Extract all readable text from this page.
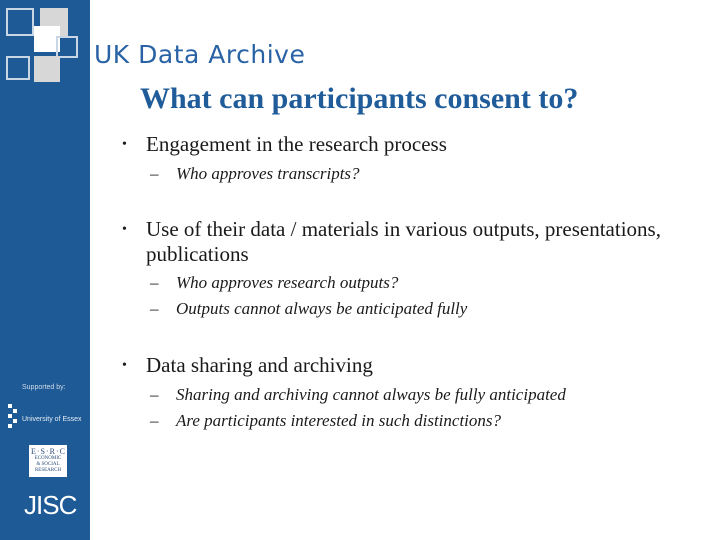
Supported by:
University of Essex
E·S·R·C
ECONOMIC
& SOCIAL
RESEARCH
JISC
UK Data Archive
What can participants consent to?
• Engagement in the research process
– Who approves transcripts?
• Use of their data / materials in various outputs, presentations, publications
– Who approves research outputs?
– Outputs cannot always be anticipated fully
• Data sharing and archiving
– Sharing and archiving cannot always be fully anticipated
– Are participants interested in such distinctions?
